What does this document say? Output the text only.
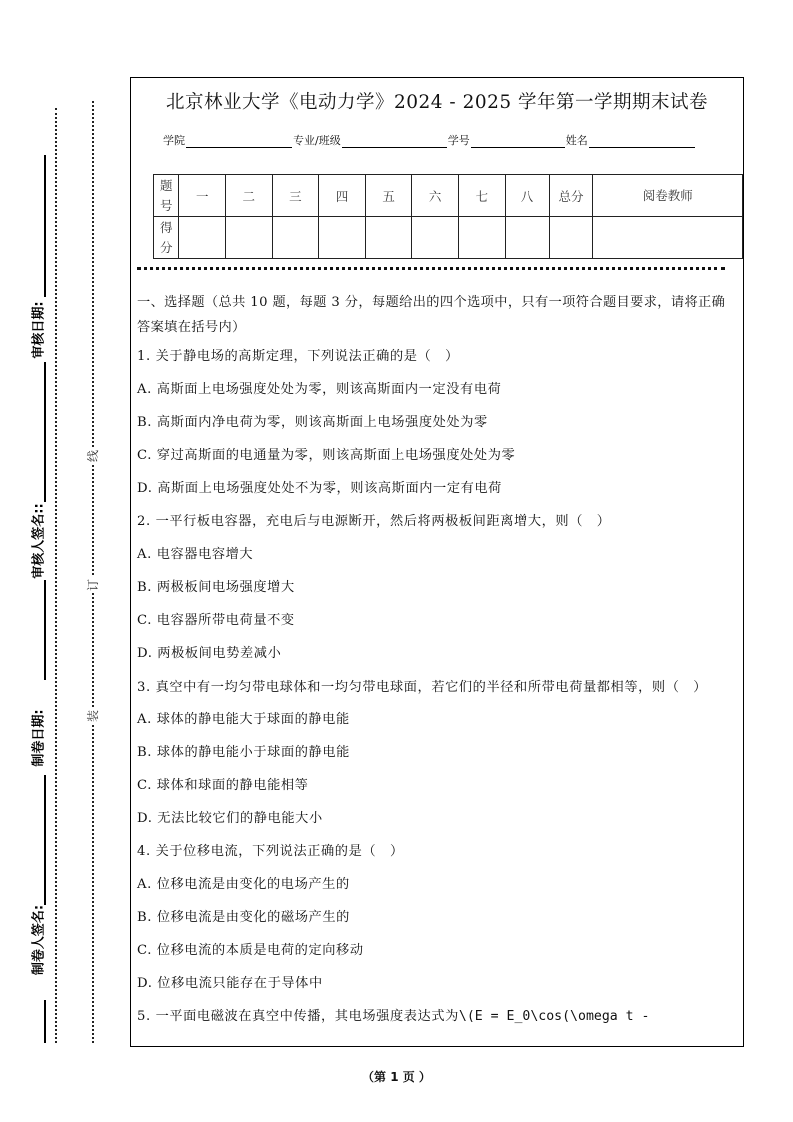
审核日期:
审核人签名::
制卷日期:
制卷人签名:
线
订
装
北京林业大学《电动力学》2024 - 2025 学年第一学期期末试卷
学院	专业/班级	学号	姓名
题号	一	二	三	四	五	六	七	八	总分	阅卷教师
得分										
一、选择题（总共 10 题，每题 3 分，每题给出的四个选项中，只有一项符合题目要求，请将正确答案填在括号内）
1. 关于静电场的高斯定理，下列说法正确的是（　）
A. 高斯面上电场强度处处为零，则该高斯面内一定没有电荷
B. 高斯面内净电荷为零，则该高斯面上电场强度处处为零
C. 穿过高斯面的电通量为零，则该高斯面上电场强度处处为零
D. 高斯面上电场强度处处不为零，则该高斯面内一定有电荷
2. 一平行板电容器，充电后与电源断开，然后将两极板间距离增大，则（　）
A. 电容器电容增大
B. 两极板间电场强度增大
C. 电容器所带电荷量不变
D. 两极板间电势差减小
3. 真空中有一均匀带电球体和一均匀带电球面，若它们的半径和所带电荷量都相等，则（　）
A. 球体的静电能大于球面的静电能
B. 球体的静电能小于球面的静电能
C. 球体和球面的静电能相等
D. 无法比较它们的静电能大小
4. 关于位移电流，下列说法正确的是（　）
A. 位移电流是由变化的电场产生的
B. 位移电流是由变化的磁场产生的
C. 位移电流的本质是电荷的定向移动
D. 位移电流只能存在于导体中
5. 一平面电磁波在真空中传播，其电场强度表达式为\(E = E_0\cos(\omega t -
（第 1 页 ）
